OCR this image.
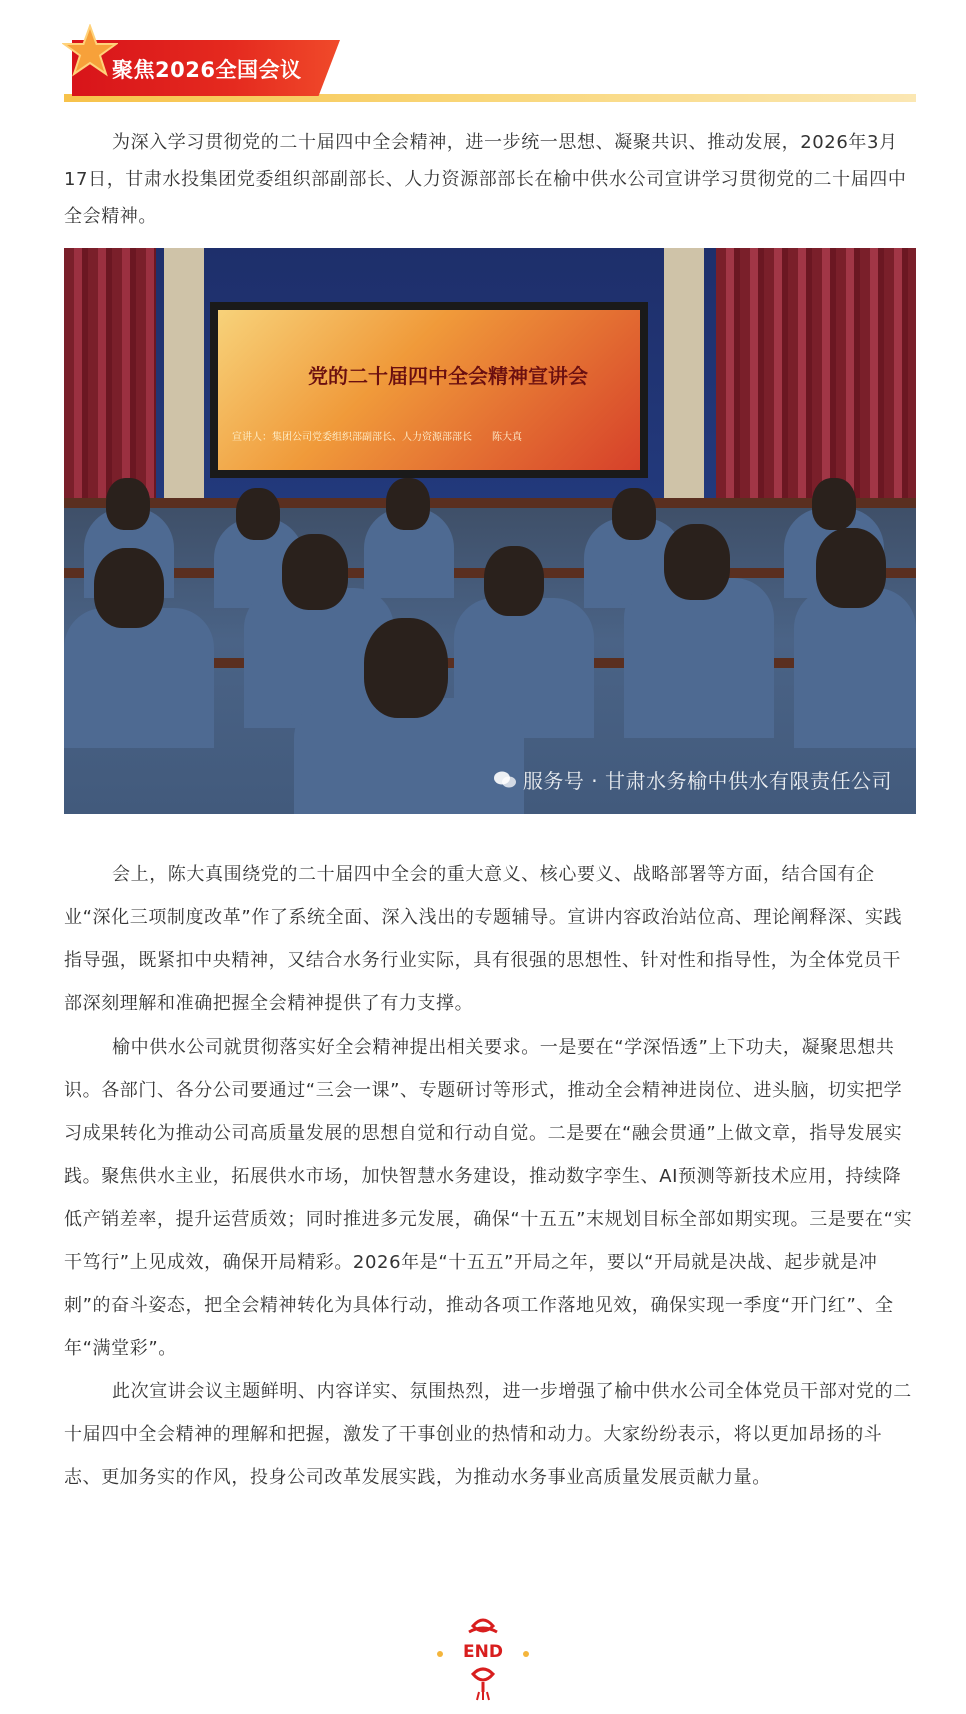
聚焦2026全国会议

为深入学习贯彻党的二十届四中全会精神，进一步统一思想、凝聚共识、推动发展，2026年3月17日，甘肃水投集团党委组织部副部长、人力资源部部长在榆中供水公司宣讲学习贯彻党的二十届四中全会精神。

党的二十届四中全会精神宣讲会
宣讲人：集团公司党委组织部副部长、人力资源部部长　　陈大真
服务号 · 甘肃水务榆中供水有限责任公司

会上，陈大真围绕党的二十届四中全会的重大意义、核心要义、战略部署等方面，结合国有企业“深化三项制度改革”作了系统全面、深入浅出的专题辅导。宣讲内容政治站位高、理论阐释深、实践指导强，既紧扣中央精神，又结合水务行业实际，具有很强的思想性、针对性和指导性，为全体党员干部深刻理解和准确把握全会精神提供了有力支撑。

榆中供水公司就贯彻落实好全会精神提出相关要求。一是要在“学深悟透”上下功夫，凝聚思想共识。各部门、各分公司要通过“三会一课”、专题研讨等形式，推动全会精神进岗位、进头脑，切实把学习成果转化为推动公司高质量发展的思想自觉和行动自觉。二是要在“融会贯通”上做文章，指导发展实践。聚焦供水主业，拓展供水市场，加快智慧水务建设，推动数字孪生、AI预测等新技术应用，持续降低产销差率，提升运营质效；同时推进多元发展，确保“十五五”末规划目标全部如期实现。三是要在“实干笃行”上见成效，确保开局精彩。2026年是“十五五”开局之年，要以“开局就是决战、起步就是冲刺”的奋斗姿态，把全会精神转化为具体行动，推动各项工作落地见效，确保实现一季度“开门红”、全年“满堂彩”。

此次宣讲会议主题鲜明、内容详实、氛围热烈，进一步增强了榆中供水公司全体党员干部对党的二十届四中全会精神的理解和把握，激发了干事创业的热情和动力。大家纷纷表示，将以更加昂扬的斗志、更加务实的作风，投身公司改革发展实践，为推动水务事业高质量发展贡献力量。

END
